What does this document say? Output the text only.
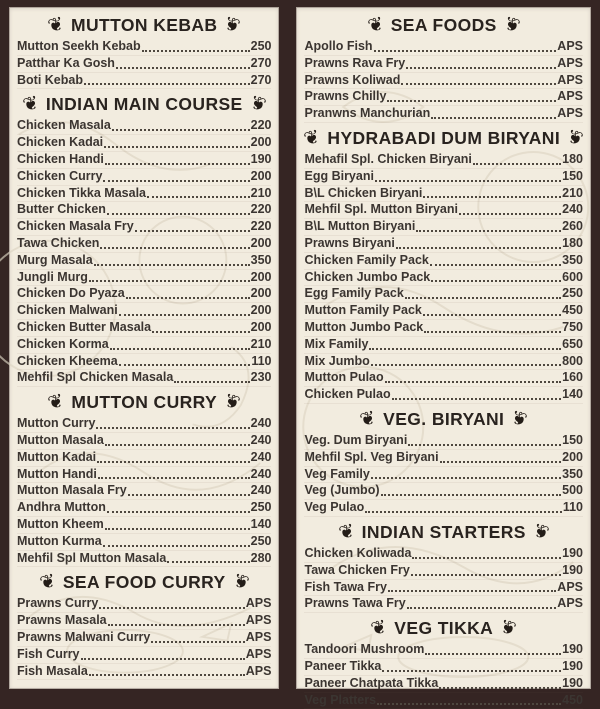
❦ MUTTON KEBAB ❦
Mutton Seekh Kebab	250
Patthar Ka Gosh	270
Boti Kebab	270
❦ INDIAN MAIN COURSE ❦
Chicken Masala	220
Chicken Kadai	200
Chicken Handi	190
Chicken Curry	200
Chicken Tikka Masala	210
Butter Chicken	220
Chicken Masala Fry	220
Tawa Chicken	200
Murg Masala	350
Jungli Murg	200
Chicken Do Pyaza	200
Chicken Malwani	200
Chicken Butter Masala	200
Chicken Korma	210
Chicken Kheema	110
Mehfil Spl Chicken Masala	230
❦ MUTTON CURRY ❦
Mutton Curry	240
Mutton Masala	240
Mutton Kadai	240
Mutton Handi	240
Mutton Masala Fry	240
Andhra Mutton	250
Mutton Kheem	140
Mutton Kurma	250
Mehfil Spl Mutton Masala	280
❦ SEA FOOD CURRY ❦
Prawns Curry	APS
Prawns Masala	APS
Prawns Malwani Curry	APS
Fish Curry	APS
Fish Masala	APS
❦ SEA FOODS ❦
Apollo Fish	APS
Prawns Rava Fry	APS
Prawns Koliwad	APS
Prawns Chilly	APS
Pranwns Manchurian	APS
❦ HYDRABADI DUM BIRYANI ❦
Mehafil Spl. Chicken Biryani	180
Egg Biryani	150
B\L Chicken Biryani	210
Mehfil Spl. Mutton Biryani	240
B\L Mutton Biryani	260
Prawns Biryani	180
Chicken Family Pack	350
Chicken Jumbo Pack	600
Egg Family Pack	250
Mutton Family Pack	450
Mutton Jumbo Pack	750
Mix Family	650
Mix Jumbo	800
Mutton Pulao	160
Chicken Pulao	140
❦ VEG. BIRYANI ❦
Veg. Dum Biryani	150
Mehfil Spl. Veg Biryani	200
Veg Family	350
Veg (Jumbo)	500
Veg Pulao	110
❦ INDIAN STARTERS ❦
Chicken Koliwada	190
Tawa Chicken Fry	190
Fish Tawa Fry	APS
Prawns Tawa Fry	APS
❦ VEG TIKKA ❦
Tandoori Mushroom	190
Paneer Tikka	190
Paneer Chatpata Tikka	190
Veg Platters	450
